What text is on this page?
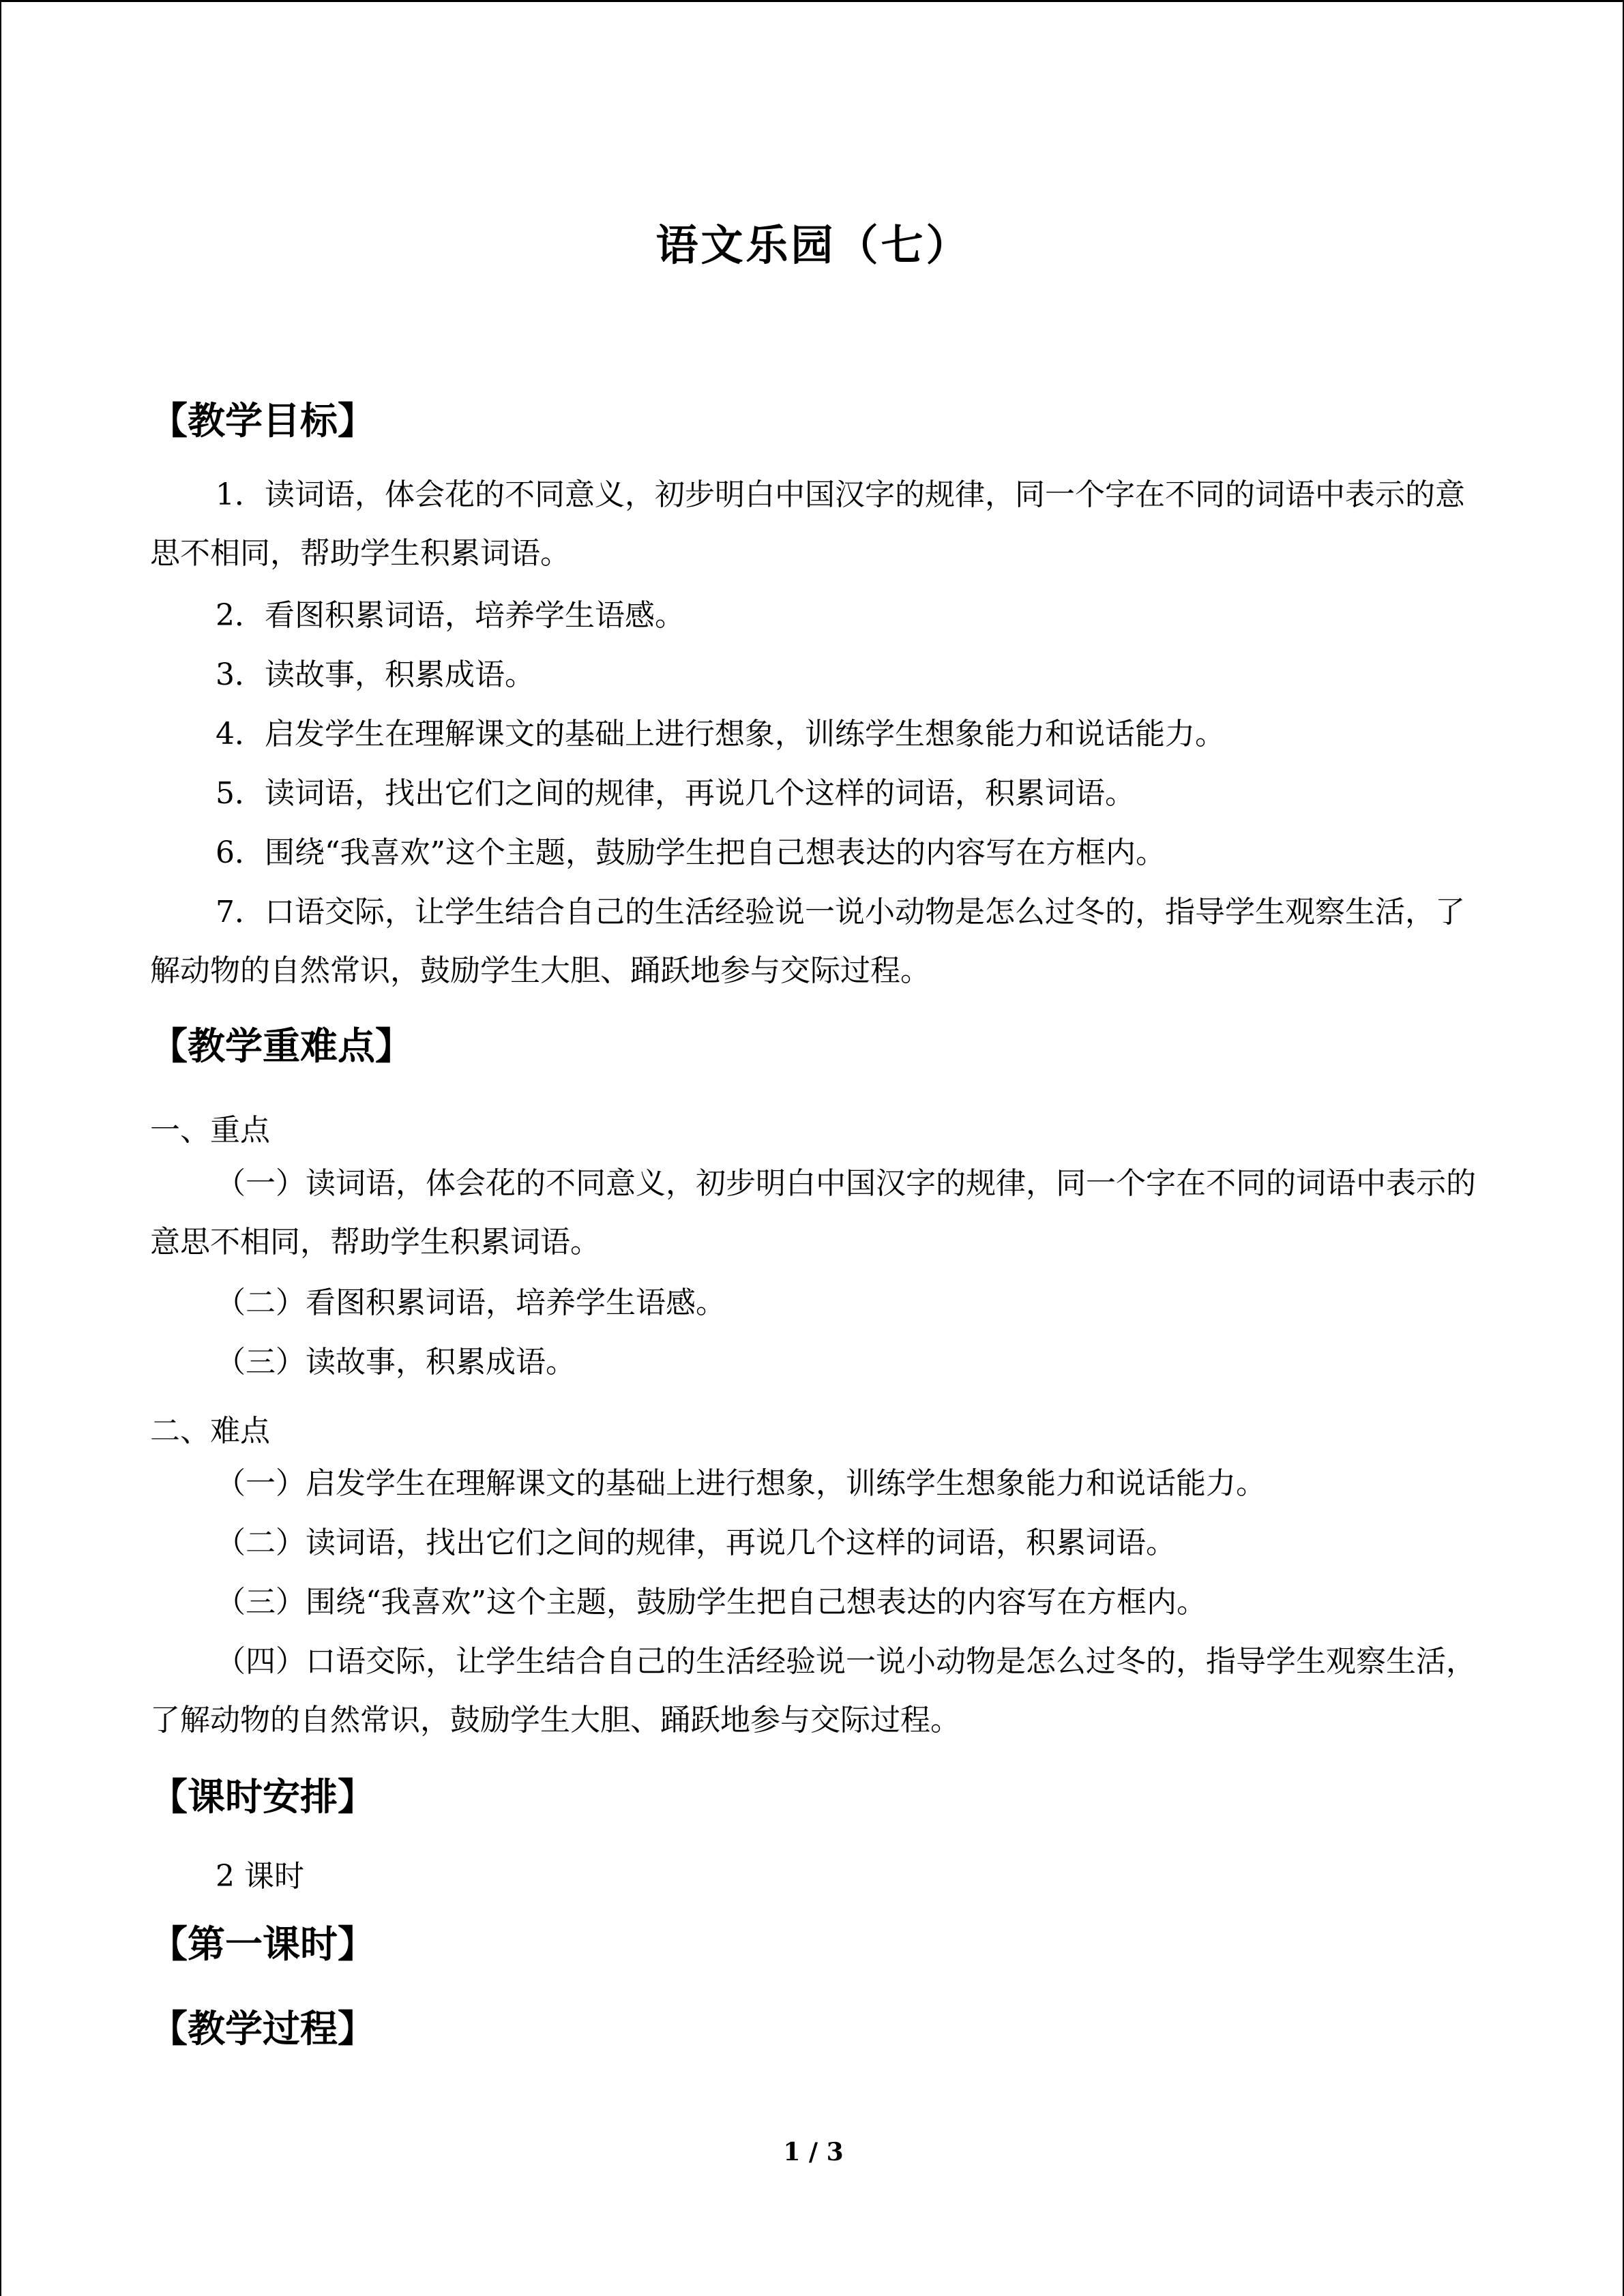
语文乐园（七）
【教学目标】
1．读词语，体会花的不同意义，初步明白中国汉字的规律，同一个字在不同的词语中表示的意思不相同，帮助学生积累词语。
2．看图积累词语，培养学生语感。
3．读故事，积累成语。
4．启发学生在理解课文的基础上进行想象，训练学生想象能力和说话能力。
5．读词语，找出它们之间的规律，再说几个这样的词语，积累词语。
6．围绕“我喜欢”这个主题，鼓励学生把自己想表达的内容写在方框内。
7．口语交际，让学生结合自己的生活经验说一说小动物是怎么过冬的，指导学生观察生活，了解动物的自然常识，鼓励学生大胆、踊跃地参与交际过程。
【教学重难点】
一、重点
（一）读词语，体会花的不同意义，初步明白中国汉字的规律，同一个字在不同的词语中表示的意思不相同，帮助学生积累词语。
（二）看图积累词语，培养学生语感。
（三）读故事，积累成语。
二、难点
（一）启发学生在理解课文的基础上进行想象，训练学生想象能力和说话能力。
（二）读词语，找出它们之间的规律，再说几个这样的词语，积累词语。
（三）围绕“我喜欢”这个主题，鼓励学生把自己想表达的内容写在方框内。
（四）口语交际，让学生结合自己的生活经验说一说小动物是怎么过冬的，指导学生观察生活，了解动物的自然常识，鼓励学生大胆、踊跃地参与交际过程。
【课时安排】
2 课时
【第一课时】
【教学过程】
1 / 3
